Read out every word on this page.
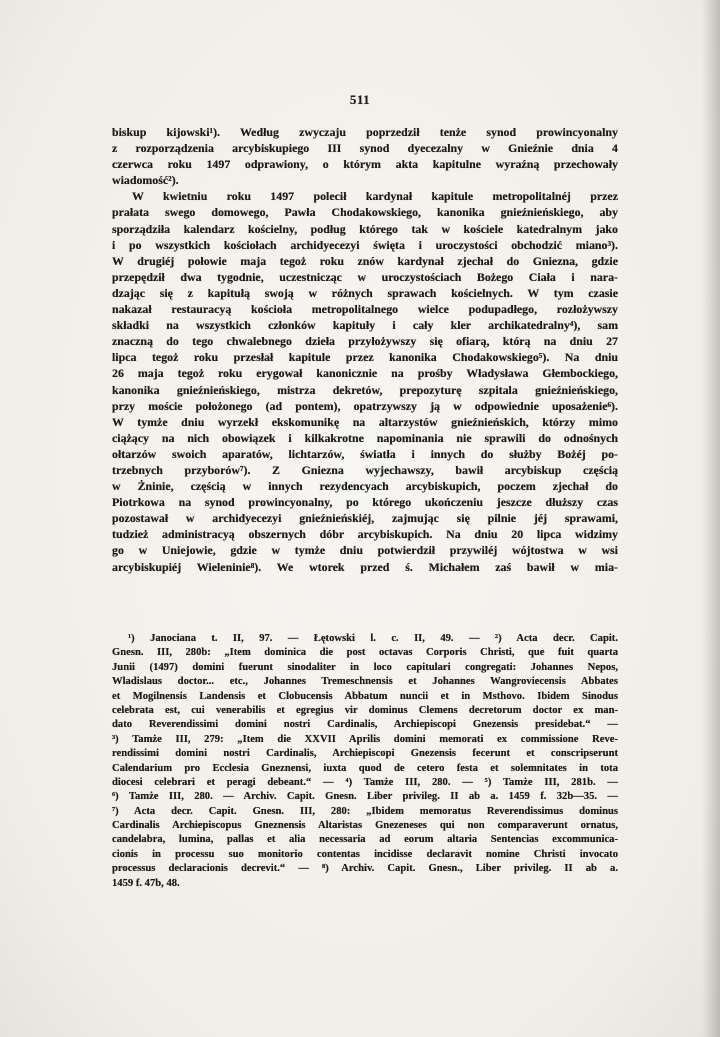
511
biskup kijowski¹). Według zwyczaju poprzedził tenże synod prowincyonalny
z rozporządzenia arcybiskupiego III synod dyecezalny w Gnieźnie dnia 4
czerwca roku 1497 odprawiony, o którym akta kapitulne wyraźną przechowały
wiadomość²).
W kwietniu roku 1497 polecił kardynał kapitule metropolitalnéj przez
prałata swego domowego, Pawła Chodakowskiego, kanonika gnieźnieńskiego, aby
sporządziła kalendarz kościelny, podług którego tak w kościele katedralnym jako
i po wszystkich kościołach archidyecezyi święta i uroczystości obchodzić miano³).
W drugiéj połowie maja tegoż roku znów kardynał zjechał do Gniezna, gdzie
przepędził dwa tygodnie, uczestnicząc w uroczystościach Bożego Ciała i nara-
dzając się z kapitułą swoją w różnych sprawach kościelnych. W tym czasie
nakazał restauracyą kościoła metropolitalnego wielce podupadłego, rozłożywszy
składki na wszystkich członków kapituły i cały kler archikatedralny⁴), sam
znaczną do tego chwalebnego dzieła przyłożywszy się ofiarą, którą na dniu 27
lipca tegoż roku przesłał kapitule przez kanonika Chodakowskiego⁵). Na dniu
26 maja tegoż roku erygował kanonicznie na prośby Władysława Głembockiego,
kanonika gnieźnieńskiego, mistrza dekretów, prepozyturę szpitala gnieźnieńskiego,
przy moście położonego (ad pontem), opatrzywszy ją w odpowiednie uposażenie⁶).
W tymże dniu wyrzekł ekskomunikę na altarzystów gnieźnieńskich, którzy mimo
ciążący na nich obowiązek i kilkakrotne napominania nie sprawili do odnośnych
ołtarzów swoich aparatów, lichtarzów, światła i innych do służby Bożéj po-
trzebnych przyborów⁷). Z Gniezna wyjechawszy, bawił arcybiskup częścią
w Żninie, częścią w innych rezydencyach arcybiskupich, poczem zjechał do
Piotrkowa na synod prowincyonalny, po którego ukończeniu jeszcze dłuższy czas
pozostawał w archidyecezyi gnieźnieńskiéj, zajmując się pilnie jéj sprawami,
tudzież administracyą obszernych dóbr arcybiskupich. Na dniu 20 lipca widzimy
go w Uniejowie, gdzie w tymże dniu potwierdził przywiléj wójtostwa w wsi
arcybiskupiéj Wieleninie⁸). We wtorek przed ś. Michałem zaś bawił w mia-
¹) Janociana t. II, 97. — Łętowski l. c. II, 49. — ²) Acta decr. Capit.
Gnesn. III, 280b: „Item dominica die post octavas Corporis Christi, que fuit quarta
Junii (1497) domini fuerunt sinodaliter in loco capitulari congregati: Johannes Nepos,
Wladislaus doctor... etc., Johannes Tremeschnensis et Johannes Wangroviecensis Abbates
et Mogilnensis Landensis et Clobucensis Abbatum nuncii et in Msthovo. Ibidem Sinodus
celebrata est, cui venerabilis et egregius vir dominus Clemens decretorum doctor ex man-
dato Reverendissimi domini nostri Cardinalis, Archiepiscopi Gnezensis presidebat.“ —
³) Tamże III, 279: „Item die XXVII Aprilis domini memorati ex commissione Reve-
rendissimi domini nostri Cardinalis, Archiepiscopi Gnezensis fecerunt et conscripserunt
Calendarium pro Ecclesia Gneznensi, iuxta quod de cetero festa et solemnitates in tota
diocesi celebrari et peragi debeant.“ — ⁴) Tamże III, 280. — ⁵) Tamże III, 281b. —
⁶) Tamże III, 280. — Archiv. Capit. Gnesn. Liber privileg. II ab a. 1459 f. 32b—35. —
⁷) Acta decr. Capit. Gnesn. III, 280: „Ibidem memoratus Reverendissimus dominus
Cardinalis Archiepiscopus Gneznensis Altaristas Gnezeneses qui non comparaverunt ornatus,
candelabra, lumina, pallas et alia necessaria ad eorum altaria Sentencias excommunica-
cionis in processu suo monitorio contentas incidisse declaravit nomine Christi invocato
processus declaracionis decrevit.“ — ⁸) Archiv. Capit. Gnesn., Liber privileg. II ab a.
1459 f. 47b, 48.
